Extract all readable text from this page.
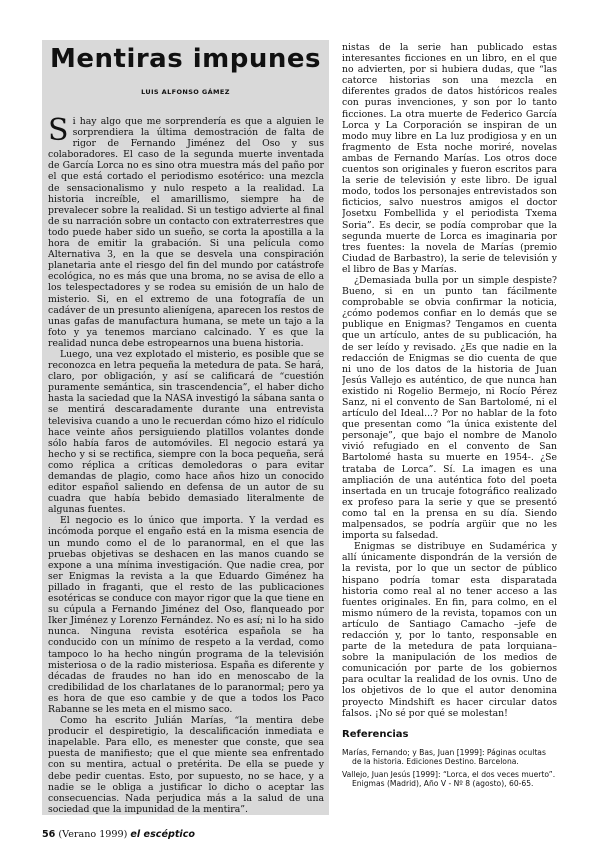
Mentiras impunes
LUIS ALFONSO GÁMEZ

Si hay algo que me sorprendería es que a alguien le sorprendiera la última demostración de falta de rigor de Fernando Jiménez del Oso y sus colaboradores. El caso de la segunda muerte inventada de García Lorca no es sino otra muestra más del paño por el que está cortado el periodismo esotérico: una mezcla de sensacionalismo y nulo respeto a la realidad. La historia increíble, el amarillismo, siempre ha de prevalecer sobre la realidad. Si un testigo advierte al final de su narración sobre un contacto con extraterrestres que todo puede haber sido un sueño, se corta la apostilla a la hora de emitir la grabación. Si una película como Alternativa 3, en la que se desvela una conspiración planetaria ante el riesgo del fin del mundo por catástrofe ecológica, no es más que una broma, no se avisa de ello a los telespectadores y se rodea su emisión de un halo de misterio. Si, en el extremo de una fotografía de un cadáver de un presunto alienígena, aparecen los restos de unas gafas de manufactura humana, se mete un tajo a la foto y ya tenemos marciano calcinado. Y es que la realidad nunca debe estropearnos una buena historia.

Luego, una vez explotado el misterio, es posible que se reconozca en letra pequeña la metedura de pata. Se hará, claro, por obligación, y así se calificará de “cuestión puramente semántica, sin trascendencia”, el haber dicho hasta la saciedad que la NASA investigó la sábana santa o se mentirá descaradamente durante una entrevista televisiva cuando a uno le recuerdan cómo hizo el ridículo hace veinte años persiguiendo platillos volantes donde sólo había faros de automóviles. El negocio estará ya hecho y si se rectifica, siempre con la boca pequeña, será como réplica a críticas demoledoras o para evitar demandas de plagio, como hace años hizo un conocido editor español saliendo en defensa de un autor de su cuadra que había bebido demasiado literalmente de algunas fuentes.

El negocio es lo único que importa. Y la verdad es incómoda porque el engaño está en la misma esencia de un mundo como el de lo paranormal, en el que las pruebas objetivas se deshacen en las manos cuando se expone a una mínima investigación. Que nadie crea, por ser Enigmas la revista a la que Eduardo Giménez ha pillado in fraganti, que el resto de las publicaciones esotéricas se conduce con mayor rigor que la que tiene en su cúpula a Fernando Jiménez del Oso, flanqueado por Iker Jiménez y Lorenzo Fernández. No es así; ni lo ha sido nunca. Ninguna revista esotérica española se ha conducido con un mínimo de respeto a la verdad, como tampoco lo ha hecho ningún programa de la televisión misteriosa o de la radio misteriosa. España es diferente y décadas de fraudes no han ido en menoscabo de la credibilidad de los charlatanes de lo paranormal; pero ya es hora de que eso cambie y de que a todos los Paco Rabanne se les meta en el mismo saco.

Como ha escrito Julián Marías, “la mentira debe producir el despiretigio, la descalificación inmediata e inapelable. Para ello, es menester que conste, que sea puesta de manifiesto; que el que miente sea enfrentado con su mentira, actual o pretérita. De ella se puede y debe pedir cuentas. Esto, por supuesto, no se hace, y a nadie se le obliga a justificar lo dicho o aceptar las consecuencias. Nada perjudica más a la salud de una sociedad que la impunidad de la mentira”.

nistas de la serie han publicado estas interesantes ficciones en un libro, en el que no advierten, por si hubiera dudas, que “las catorce historias son una mezcla en diferentes grados de datos históricos reales con puras invenciones, y son por lo tanto ficciones. La otra muerte de Federico García Lorca y La Corporación se inspiran de un modo muy libre en La luz prodigiosa y en un fragmento de Esta noche moriré, novelas ambas de Fernando Marías. Los otros doce cuentos son originales y fueron escritos para la serie de televisión y este libro. De igual modo, todos los personajes entrevistados son ficticios, salvo nuestros amigos el doctor Josetxu Fombellida y el periodista Txema Soria”. Es decir, se podía comprobar que la segunda muerte de Lorca es imaginaria por tres fuentes: la novela de Marías (premio Ciudad de Barbastro), la serie de televisión y el libro de Bas y Marías.

¿Demasiada bulla por un simple despiste? Bueno, si en un punto tan fácilmente comprobable se obvia confirmar la noticia, ¿cómo podemos confiar en lo demás que se publique en Enigmas? Tengamos en cuenta que un artículo, antes de su publicación, ha de ser leído y revisado. ¿Es que nadie en la redacción de Enigmas se dio cuenta de que ni uno de los datos de la historia de Juan Jesús Vallejo es auténtico, de que nunca han existido ni Rogelio Bermejo, ni Rocío Pérez Sanz, ni el convento de San Bartolomé, ni el artículo del Ideal...? Por no hablar de la foto que presentan como “la única existente del personaje”, que bajo el nombre de Manolo vivió refugiado en el convento de San Bartolomé hasta su muerte en 1954-. ¿Se trataba de Lorca”. Sí. La imagen es una ampliación de una auténtica foto del poeta insertada en un trucaje fotográfico realizado ex profeso para la serie y que se presentó como tal en la prensa en su día. Siendo malpensados, se podría argüir que no les importa su falsedad.

Enigmas se distribuye en Sudamérica y allí únicamente dispondrán de la versión de la revista, por lo que un sector de público hispano podría tomar esta disparatada historia como real al no tener acceso a las fuentes originales. En fin, para colmo, en el mismo número de la revista, topamos con un artículo de Santiago Camacho –jefe de redacción y, por lo tanto, responsable en parte de la metedura de pata lorquiana– sobre la manipulación de los medios de comunicación por parte de los gobiernos para ocultar la realidad de los ovnis. Uno de los objetivos de lo que el autor denomina proyecto Mindshift es hacer circular datos falsos. ¡No sé por qué se molestan!

Referencias
Marías, Fernando; y Bas, Juan [1999]: Páginas ocultas de la historia. Ediciones Destino. Barcelona.
Vallejo, Juan Jesús [1999]: “Lorca, el dos veces muerto”. Enigmas (Madrid), Año V - Nº 8 (agosto), 60-65.
56 (Verano 1999) el escéptico
